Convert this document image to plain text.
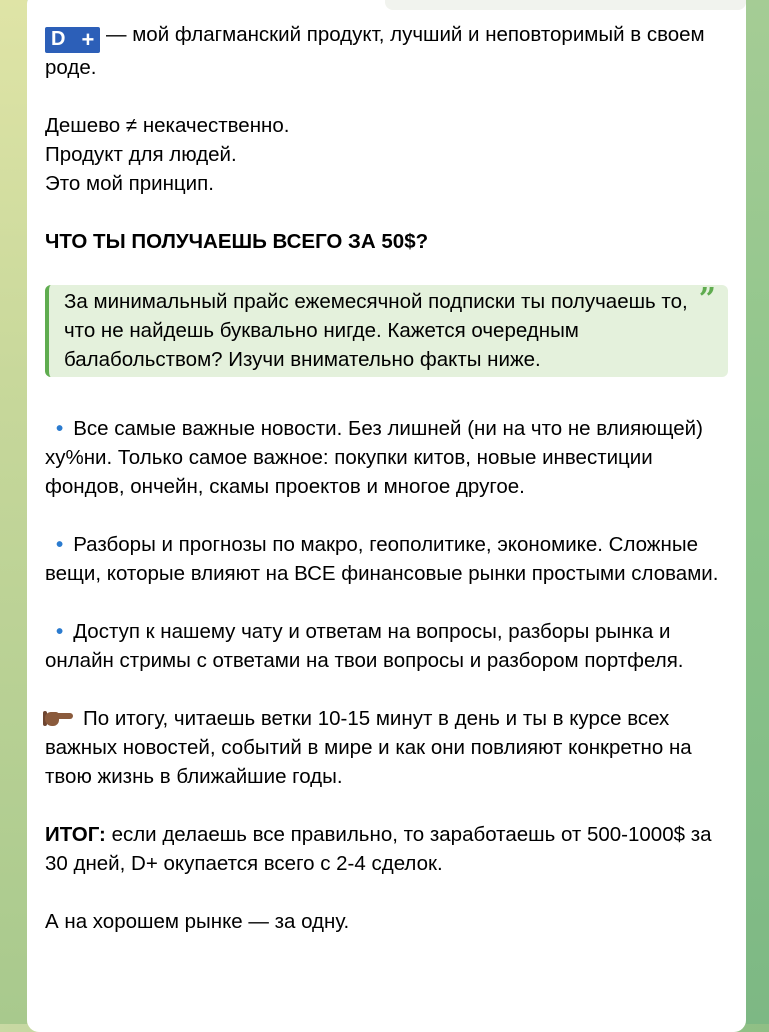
D + — мой флагманский продукт, лучший и неповторимый в своем роде.

Дешево ≠ некачественно.

Продукт для людей.

Это мой принцип.

ЧТО ТЫ ПОЛУЧАЕШЬ ВСЕГО ЗА 50$?

”

За минимальный прайс ежемесячной подписки ты получаешь то, что не найдешь буквально нигде. Кажется очередным балабольством? Изучи внимательно факты ниже.

• Все самые важные новости. Без лишней (ни на что не влияющей) ху%ни. Только самое важное: покупки китов, новые инвестиции фондов, ончейн, скамы проектов и многое другое.

• Разборы и прогнозы по макро, геополитике, экономике. Сложные вещи, которые влияют на ВСЕ финансовые рынки простыми словами.

• Доступ к нашему чату и ответам на вопросы, разборы рынка и онлайн стримы с ответами на твои вопросы и разбором портфеля.

По итогу, читаешь ветки 10-15 минут в день и ты в курсе всех важных новостей, событий в мире и как они повлияют конкретно на твою жизнь в ближайшие годы.

ИТОГ: если делаешь все правильно, то заработаешь от 500-1000$ за 30 дней, D+ окупается всего с 2-4 сделок.

А на хорошем рынке — за одну.
